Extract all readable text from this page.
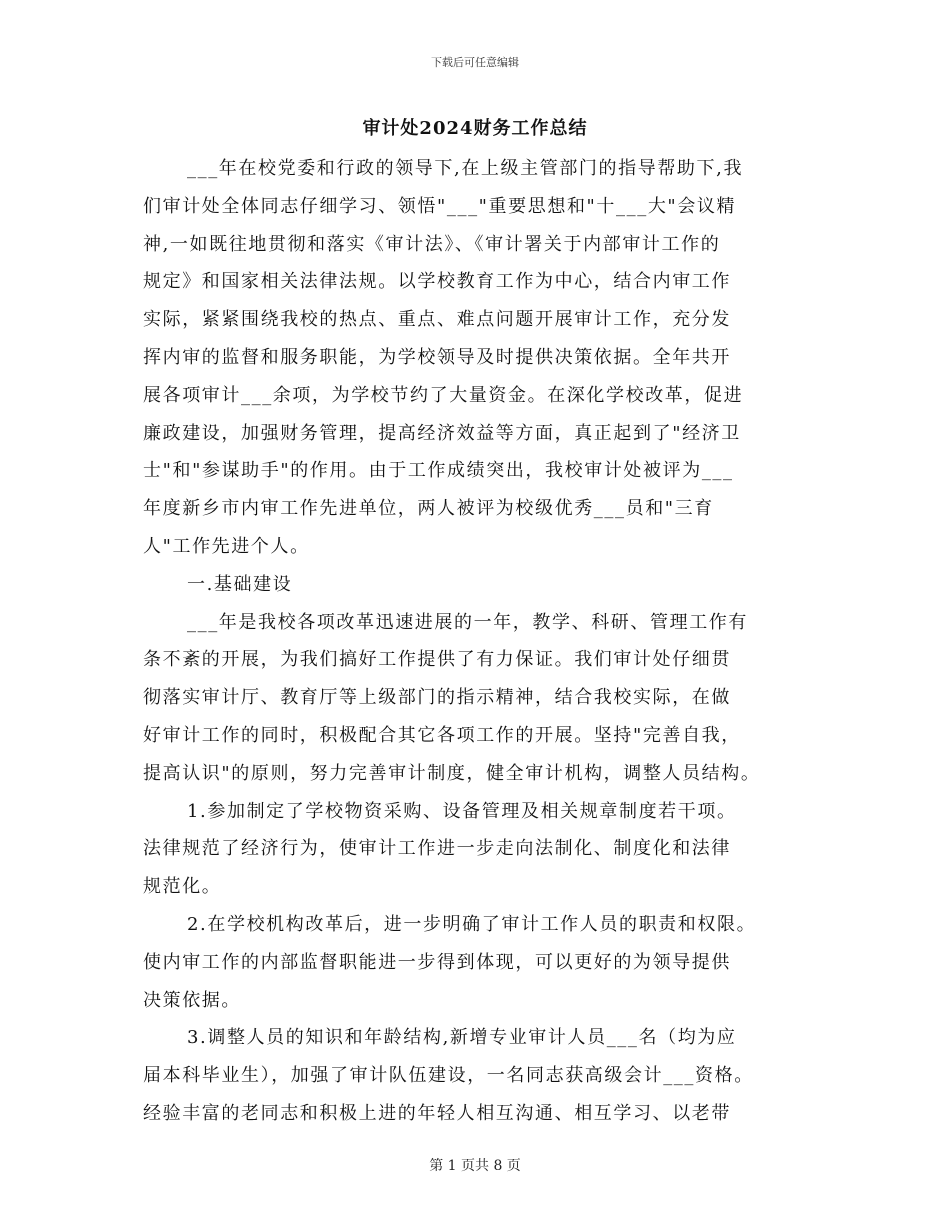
下载后可任意编辑
审计处2024财务工作总结
___年在校党委和行政的领导下,在上级主管部门的指导帮助下,我
们审计处全体同志仔细学习、领悟"___"重要思想和"十___大"会议精
神,一如既往地贯彻和落实《审计法》、《审计署关于内部审计工作的
规定》和国家相关法律法规。以学校教育工作为中心，结合内审工作
实际，紧紧围绕我校的热点、重点、难点问题开展审计工作，充分发
挥内审的监督和服务职能，为学校领导及时提供决策依据。全年共开
展各项审计___余项，为学校节约了大量资金。在深化学校改革，促进
廉政建设，加强财务管理，提高经济效益等方面，真正起到了"经济卫
士"和"参谋助手"的作用。由于工作成绩突出，我校审计处被评为___
年度新乡市内审工作先进单位，两人被评为校级优秀___员和"三育
人"工作先进个人。
一.基础建设
___年是我校各项改革迅速进展的一年，教学、科研、管理工作有
条不紊的开展，为我们搞好工作提供了有力保证。我们审计处仔细贯
彻落实审计厅、教育厅等上级部门的指示精神，结合我校实际，在做
好审计工作的同时，积极配合其它各项工作的开展。坚持"完善自我，
提高认识"的原则，努力完善审计制度，健全审计机构，调整人员结构。
1.参加制定了学校物资采购、设备管理及相关规章制度若干项。
法律规范了经济行为，使审计工作进一步走向法制化、制度化和法律
规范化。
2.在学校机构改革后，进一步明确了审计工作人员的职责和权限。
使内审工作的内部监督职能进一步得到体现，可以更好的为领导提供
决策依据。
3.调整人员的知识和年龄结构,新增专业审计人员___名（均为应
届本科毕业生），加强了审计队伍建设，一名同志获高级会计___资格。
经验丰富的老同志和积极上进的年轻人相互沟通、相互学习、以老带
第 1 页共 8 页
